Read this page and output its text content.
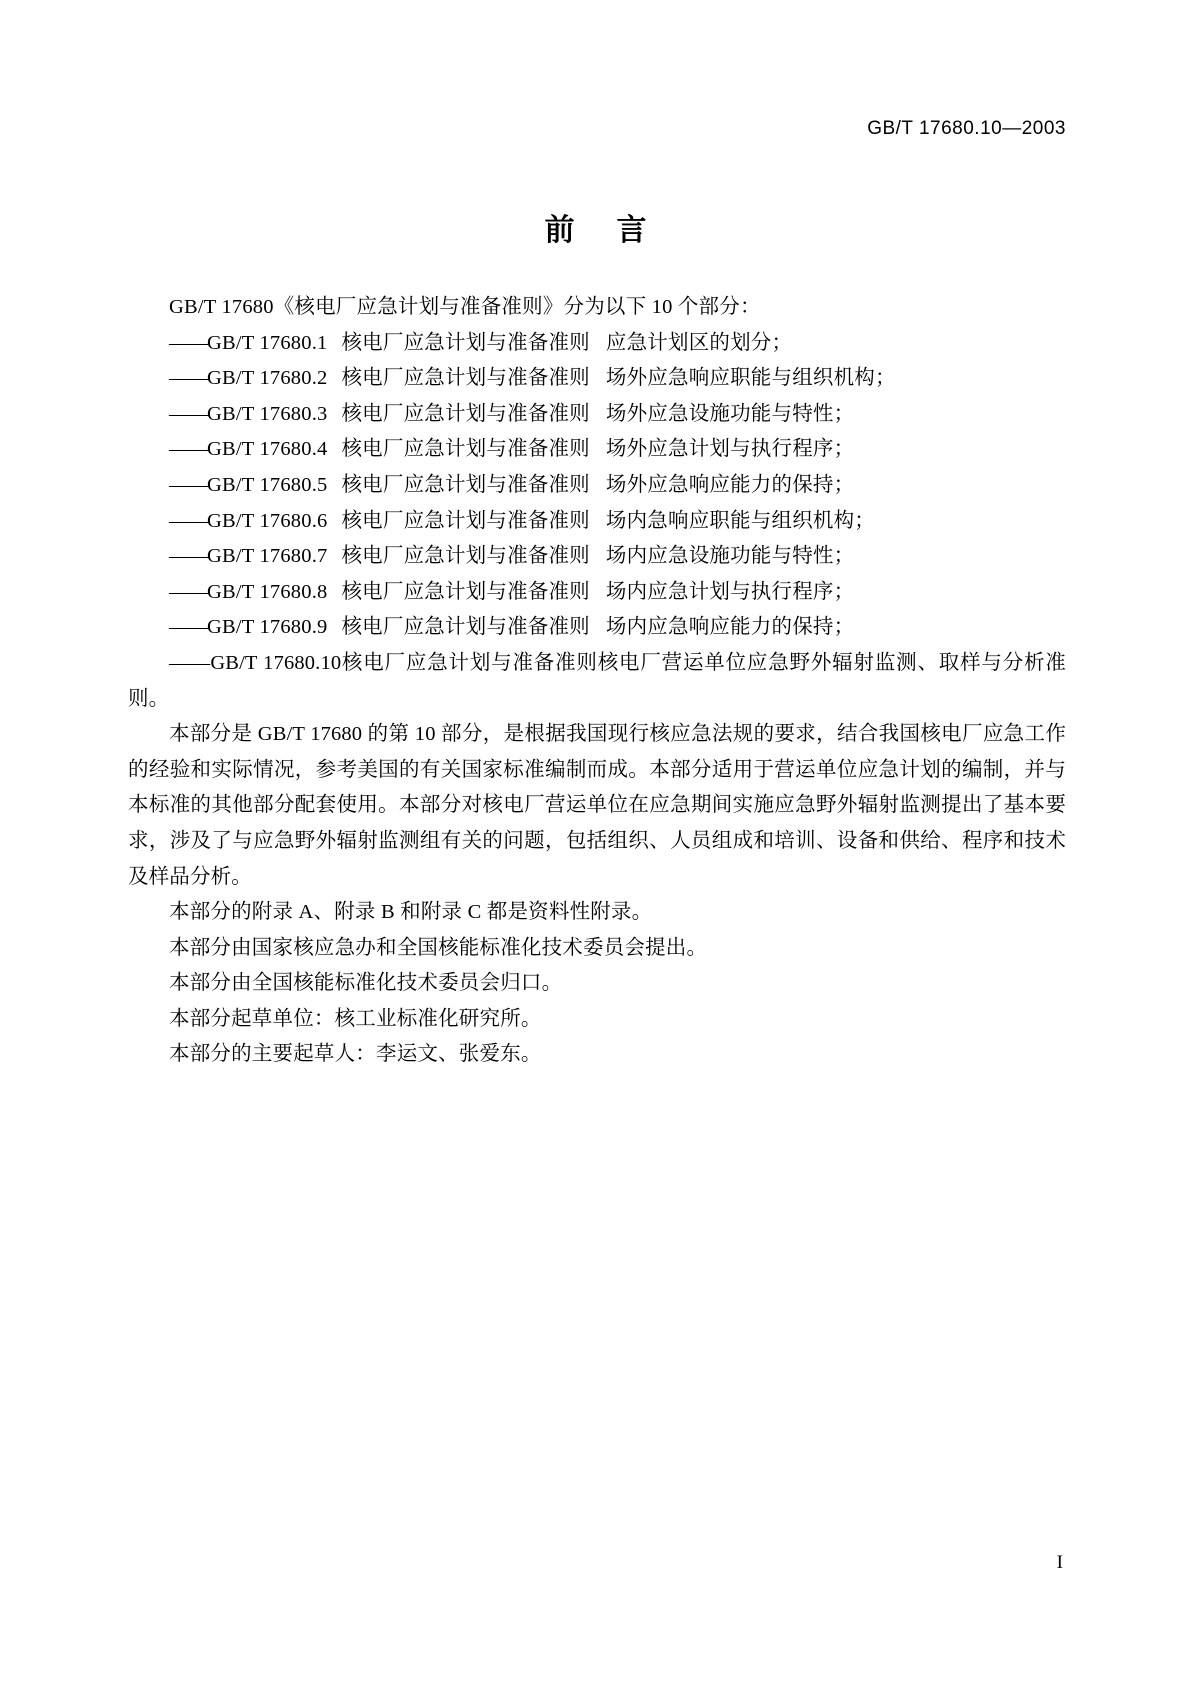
GB/T 17680.10—2003
前言

GB/T 17680《核电厂应急计划与准备准则》分为以下 10 个部分：

——GB/T 17680.1 核电厂应急计划与准备准则 应急计划区的划分；

——GB/T 17680.2 核电厂应急计划与准备准则 场外应急响应职能与组织机构；

——GB/T 17680.3 核电厂应急计划与准备准则 场外应急设施功能与特性；

——GB/T 17680.4 核电厂应急计划与准备准则 场外应急计划与执行程序；

——GB/T 17680.5 核电厂应急计划与准备准则 场外应急响应能力的保持；

——GB/T 17680.6 核电厂应急计划与准备准则 场内急响应职能与组织机构；

——GB/T 17680.7 核电厂应急计划与准备准则 场内应急设施功能与特性；

——GB/T 17680.8 核电厂应急计划与准备准则 场内应急计划与执行程序；

——GB/T 17680.9 核电厂应急计划与准备准则 场内应急响应能力的保持；

——GB/T 17680.10核电厂应急计划与准备准则核电厂营运单位应急野外辐射监测、取样与分析准则。

本部分是 GB/T 17680 的第 10 部分，是根据我国现行核应急法规的要求，结合我国核电厂应急工作的经验和实际情况，参考美国的有关国家标准编制而成。本部分适用于营运单位应急计划的编制，并与本标准的其他部分配套使用。本部分对核电厂营运单位在应急期间实施应急野外辐射监测提出了基本要求，涉及了与应急野外辐射监测组有关的问题，包括组织、人员组成和培训、设备和供给、程序和技术及样品分析。

本部分的附录 A、附录 B 和附录 C 都是资料性附录。

本部分由国家核应急办和全国核能标准化技术委员会提出。

本部分由全国核能标准化技术委员会归口。

本部分起草单位：核工业标准化研究所。

本部分的主要起草人：李运文、张爱东。

I
